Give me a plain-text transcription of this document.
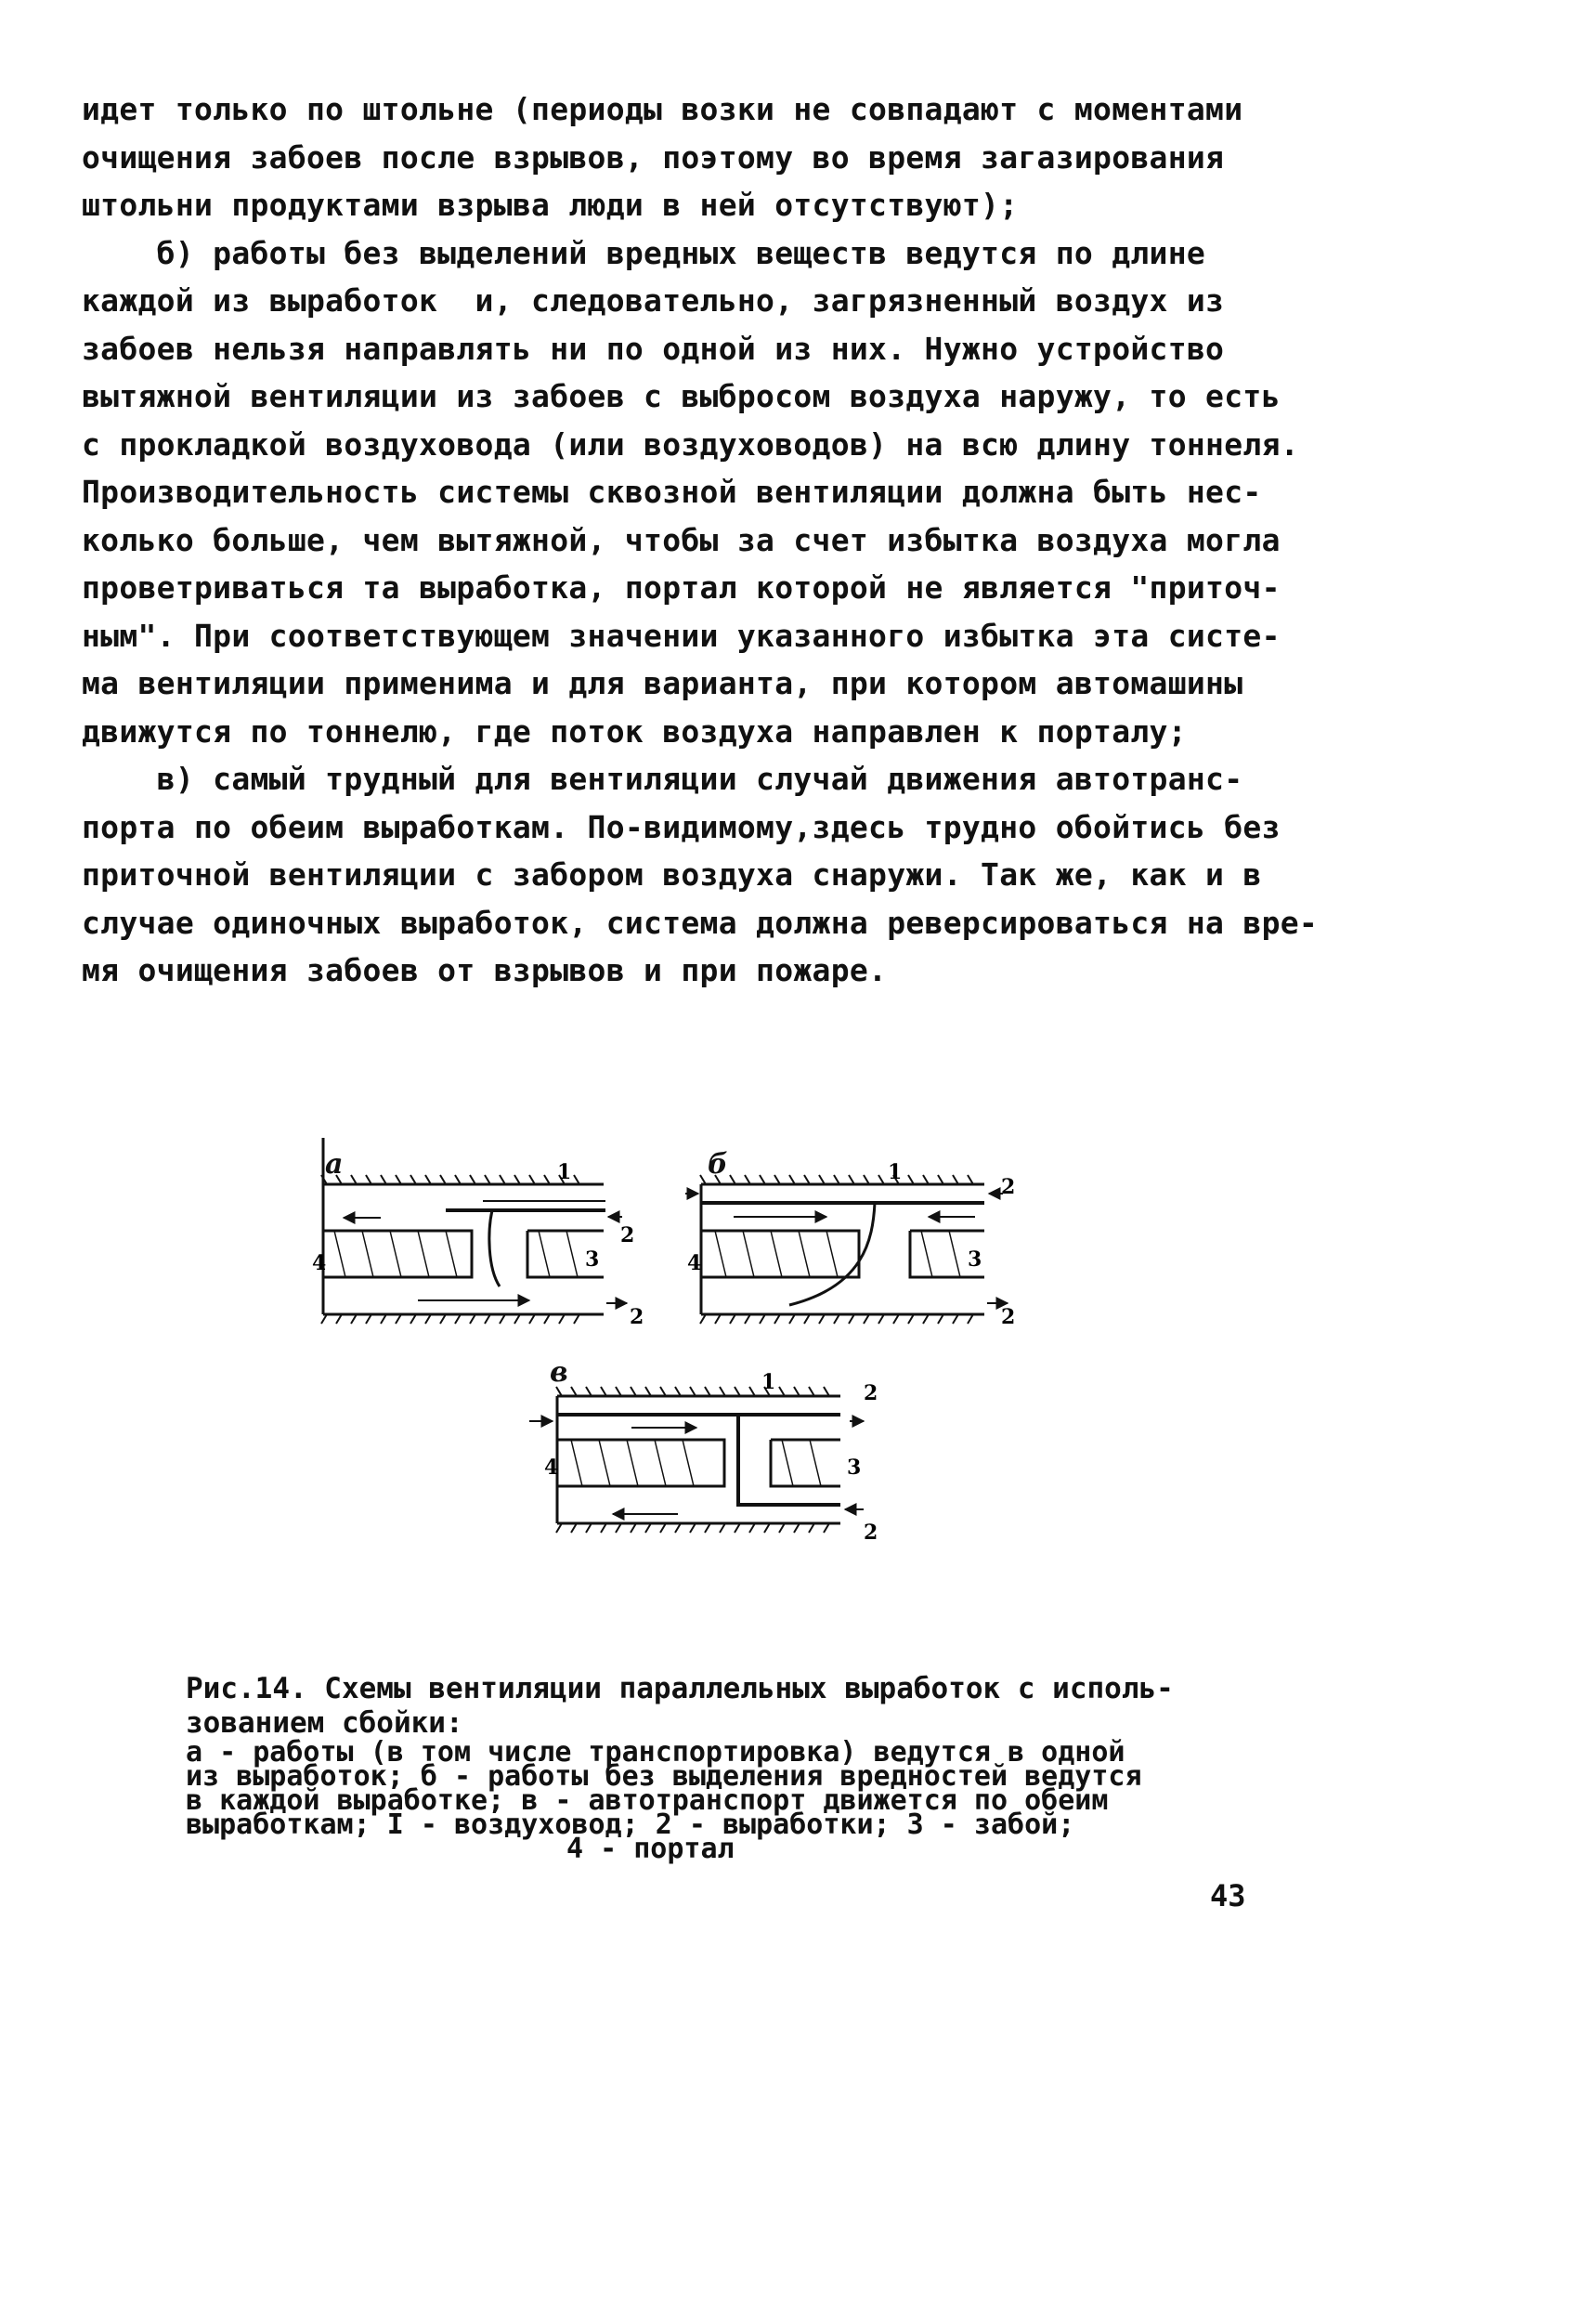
идет только по штольне (периоды возки не совпадают с моментами

очищения забоев после взрывов, поэтому во время загазирования

штольни продуктами взрыва люди в ней отсутствуют);

б) работы без выделений вредных веществ ведутся по длине

каждой из выработок  и, следовательно, загрязненный воздух из

забоев нельзя направлять ни по одной из них. Нужно устройство

вытяжной вентиляции из забоев с выбросом воздуха наружу, то есть

с прокладкой воздуховода (или воздуховодов) на всю длину тоннеля.

Производительность системы сквозной вентиляции должна быть нес-

колько больше, чем вытяжной, чтобы за счет избытка воздуха могла

проветриваться та выработка, портал которой не является "приточ-

ным". При соответствующем значении указанного избытка эта систе-

ма вентиляции применима и для варианта, при котором автомашины

движутся по тоннелю, где поток воздуха направлен к порталу;

в) самый трудный для вентиляции случай движения автотранс-

порта по обеим выработкам. По-видимому,здесь трудно обойтись без

приточной вентиляции с забором воздуха снаружи. Так же, как и в

случае одиночных выработок, система должна реверсироваться на вре-

мя очищения забоев от взрывов и при пожаре.

а	1
2
3
4
2
б	1
2
3
4
2
в	1	2
3
4
2

Рис.14. Схемы вентиляции параллельных выработок с исполь-

зованием сбойки:

а - работы (в том числе транспортировка) ведутся в одной

из выработок; б - работы без выделения вредностей ведутся

в каждой выработке; в - автотранспорт движется по обеим

выработкам; I - воздуховод; 2 - выработки; 3 - забой;

4 - портал

43
